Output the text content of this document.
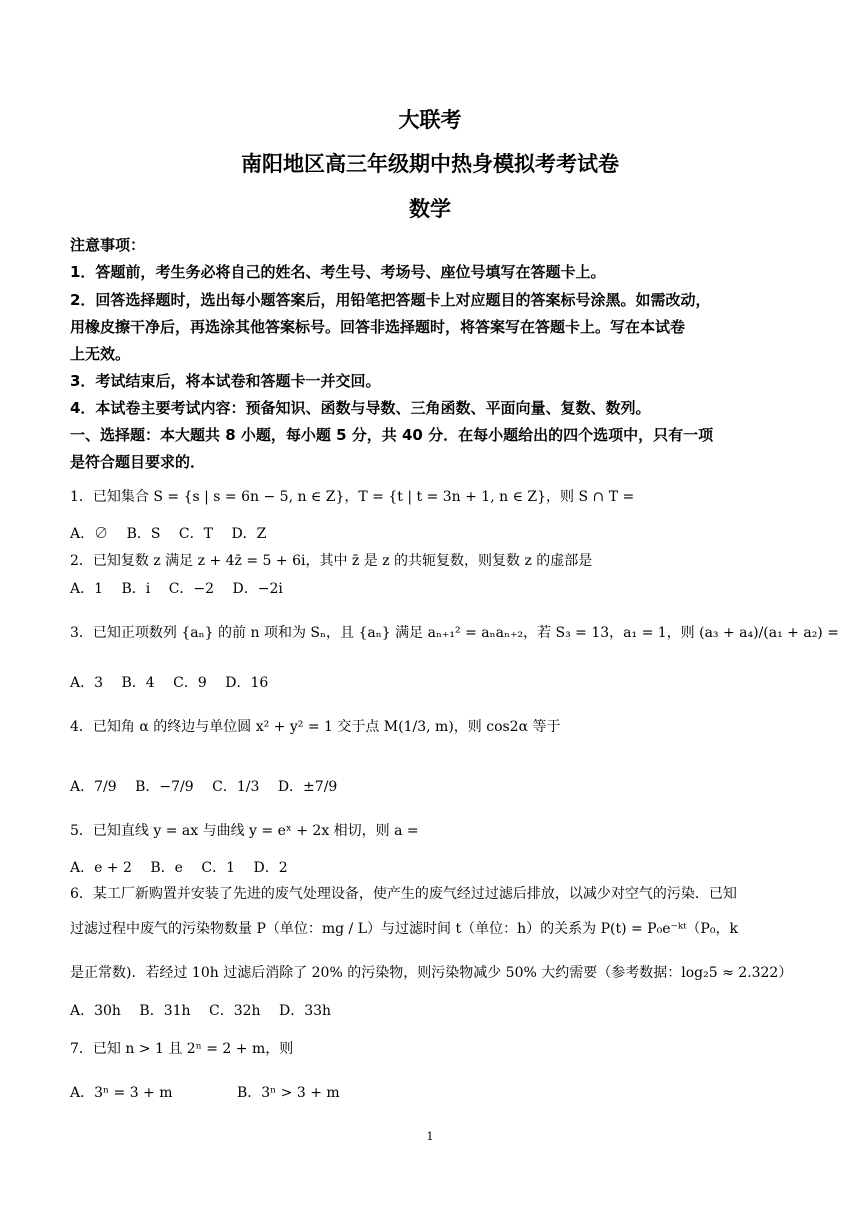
大联考
南阳地区高三年级期中热身模拟考考试卷
数学
注意事项：
1．答题前，考生务必将自己的姓名、考生号、考场号、座位号填写在答题卡上。
2．回答选择题时，选出每小题答案后，用铅笔把答题卡上对应题目的答案标号涂黑。如需改动，
用橡皮擦干净后，再选涂其他答案标号。回答非选择题时，将答案写在答题卡上。写在本试卷
上无效。
3．考试结束后，将本试卷和答题卡一并交回。
4．本试卷主要考试内容：预备知识、函数与导数、三角函数、平面向量、复数、数列。
一、选择题：本大题共 8 小题，每小题 5 分，共 40 分．在每小题给出的四个选项中，只有一项
是符合题目要求的．
1．已知集合 S = {s | s = 6n − 5, n ∈ Z}，T = {t | t = 3n + 1, n ∈ Z}，则 S ∩ T =
A．∅ B．S C．T D．Z
2．已知复数 z 满足 z + 4z̄ = 5 + 6i，其中 z̄ 是 z 的共轭复数，则复数 z 的虚部是
A．1 B．i C．−2 D．−2i
3．已知正项数列 {aₙ} 的前 n 项和为 Sₙ，且 {aₙ} 满足 aₙ₊₁² = aₙaₙ₊₂，若 S₃ = 13，a₁ = 1，则 (a₃ + a₄)/(a₁ + a₂) =
A．3 B．4 C．9 D．16
4．已知角 α 的终边与单位圆 x² + y² = 1 交于点 M(1/3, m)，则 cos2α 等于
A．7/9 B．−7/9 C．1/3 D．±7/9
5．已知直线 y = ax 与曲线 y = eˣ + 2x 相切，则 a =
A．e + 2 B．e C．1 D．2
6．某工厂新购置并安装了先进的废气处理设备，使产生的废气经过过滤后排放，以减少对空气的污染．已知
过滤过程中废气的污染物数量 P（单位：mg / L）与过滤时间 t（单位：h）的关系为 P(t) = P₀e⁻ᵏᵗ（P₀，k
是正常数)．若经过 10h 过滤后消除了 20% 的污染物，则污染物减少 50% 大约需要（参考数据：log₂5 ≈ 2.322）
A．30h B．31h C．32h D．33h
7．已知 n > 1 且 2ⁿ = 2 + m，则
A．3ⁿ = 3 + m	B．3ⁿ > 3 + m
1
